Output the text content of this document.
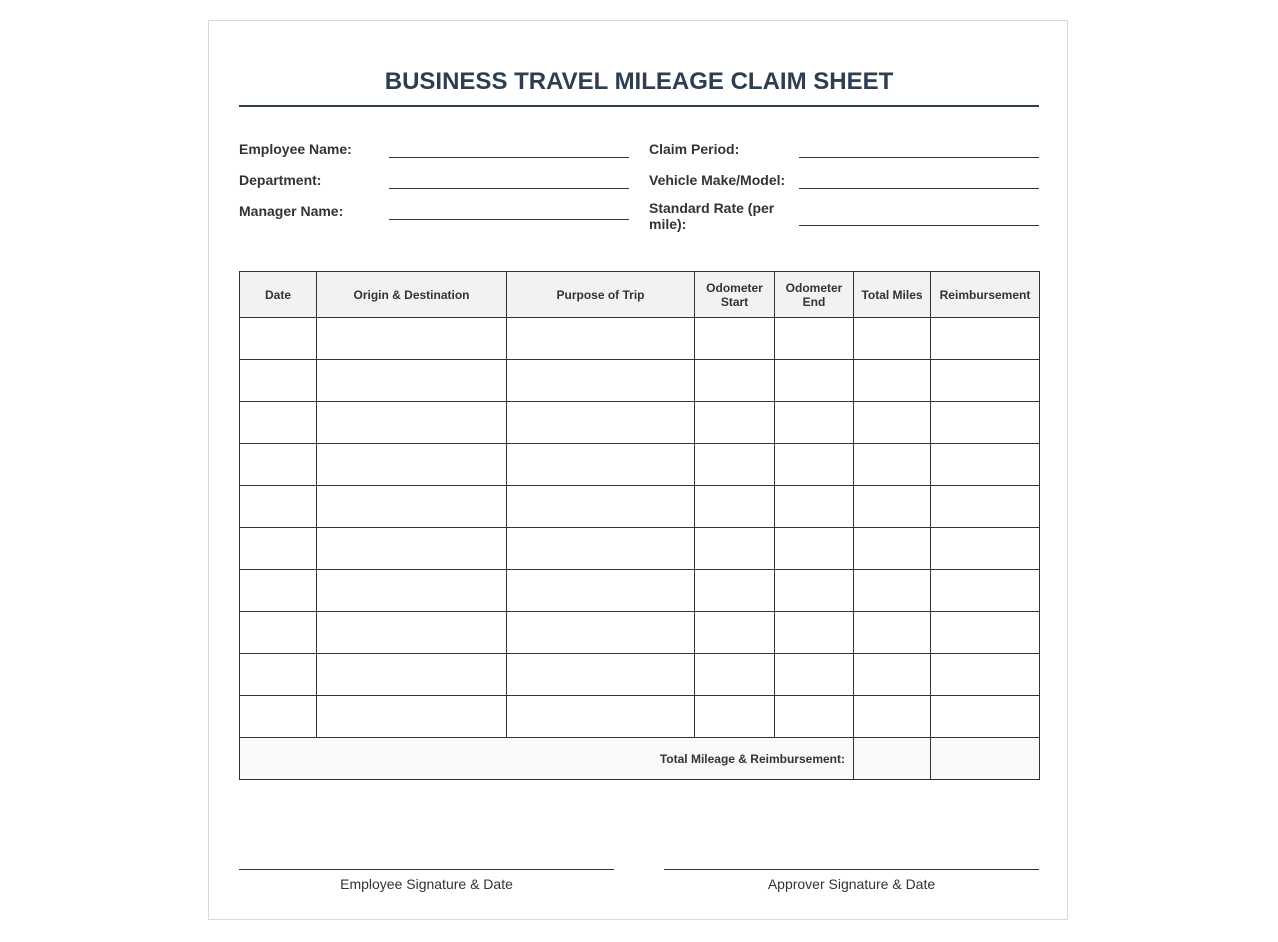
BUSINESS TRAVEL MILEAGE CLAIM SHEET
Employee Name:
Department:
Manager Name:
Claim Period:
Vehicle Make/Model:
Standard Rate (per mile):
Date	Origin & Destination	Purpose of Trip	Odometer Start	Odometer End	Total Miles	Reimbursement

Total Mileage & Reimbursement:						
Employee Signature & Date	Approver Signature & Date
